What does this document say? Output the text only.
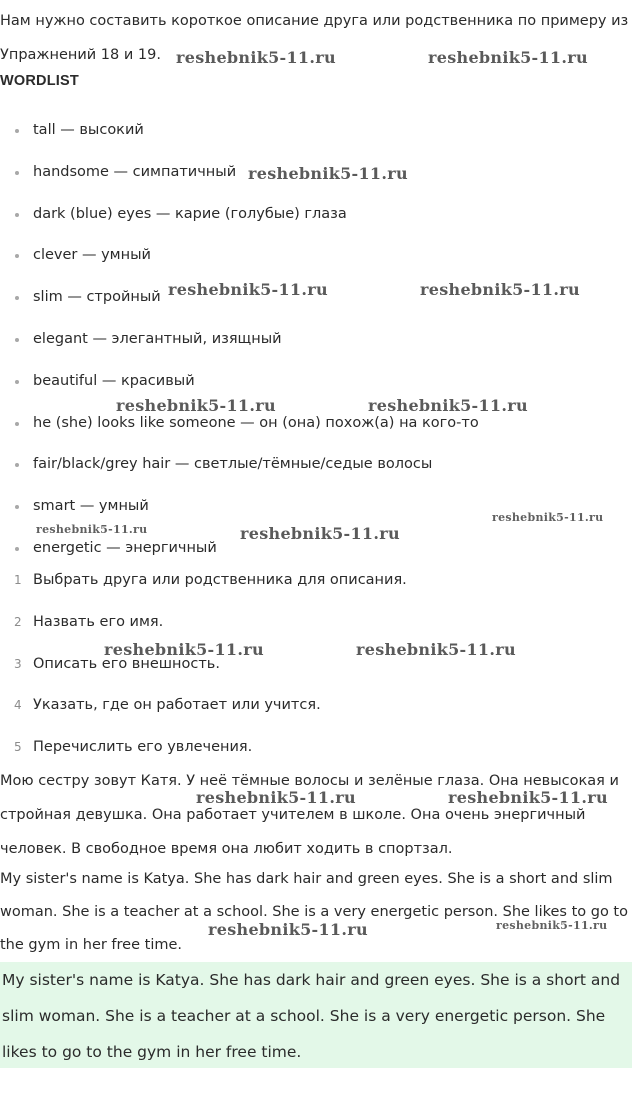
Нам нужно составить короткое описание друга или родственника по примеру из Упражнений 18 и 19.

WORDLIST
tall — высокий
handsome — симпатичный
dark (blue) eyes — карие (голубые) глаза
clever — умный
slim — стройный
elegant — элегантный, изящный
beautiful — красивый
he (she) looks like someone — он (она) похож(а) на кого-то
fair/black/grey hair — светлые/тёмные/седые волосы
smart — умный
energetic — энергичный
1 Выбрать друга или родственника для описания.
2 Назвать его имя.
3 Описать его внешность.
4 Указать, где он работает или учится.
5 Перечислить его увлечения.

Мою сестру зовут Катя. У неё тёмные волосы и зелёные глаза. Она невысокая и стройная девушка. Она работает учителем в школе. Она очень энергичный человек. В свободное время она любит ходить в спортзал.

My sister's name is Katya. She has dark hair and green eyes. She is a short and slim woman. She is a teacher at a school. She is a very energetic person. She likes to go to the gym in her free time.

My sister's name is Katya. She has dark hair and green eyes. She is a short and slim woman. She is a teacher at a school. She is a very energetic person. She likes to go to the gym in her free time.

reshebnik5-11.ru	reshebnik5-11.ru
reshebnik5-11.ru
reshebnik5-11.ru	reshebnik5-11.ru
reshebnik5-11.ru	reshebnik5-11.ru
reshebnik5-11.ru	reshebnik5-11.ru
reshebnik5-11.ru
reshebnik5-11.ru	reshebnik5-11.ru
reshebnik5-11.ru	reshebnik5-11.ru
reshebnik5-11.ru	reshebnik5-11.ru
